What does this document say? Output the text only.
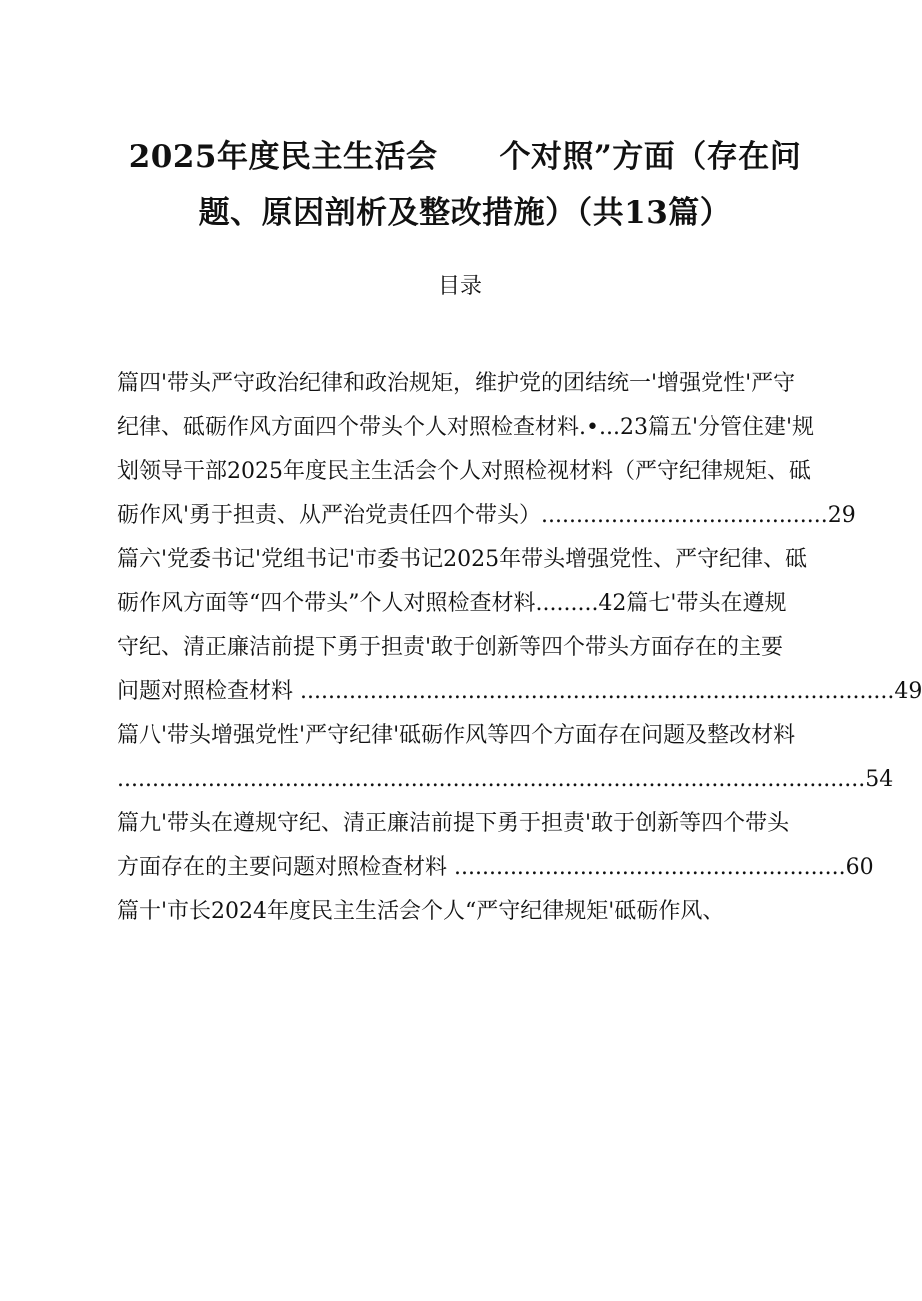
2025年度民主生活会 个对照”方面（存在问
题、原因剖析及整改措施）（共13篇）
目录
篇四'带头严守政治纪律和政治规矩，维护党的团结统一'增强党性'严守
纪律、砥砺作风方面四个带头个人对照检查材料.•...23篇五'分管住建'规
划领导干部2025年度民主生活会个人对照检视材料（严守纪律规矩、砥
砺作风'勇于担责、从严治党责任四个带头）.........................................29
篇六'党委书记'党组书记'市委书记2025年带头增强党性、严守纪律、砥
砺作风方面等“四个带头”个人对照检查材料.........42篇七'带头在遵规
守纪、清正廉洁前提下勇于担责'敢于创新等四个带头方面存在的主要
问题对照检查材料 .....................................................................................49
篇八'带头增强党性'严守纪律'砥砺作风等四个方面存在问题及整改材料
...........................................................................................................54
篇九'带头在遵规守纪、清正廉洁前提下勇于担责'敢于创新等四个带头
方面存在的主要问题对照检查材料 ........................................................60
篇十'市长2024年度民主生活会个人“严守纪律规矩'砥砺作风、
